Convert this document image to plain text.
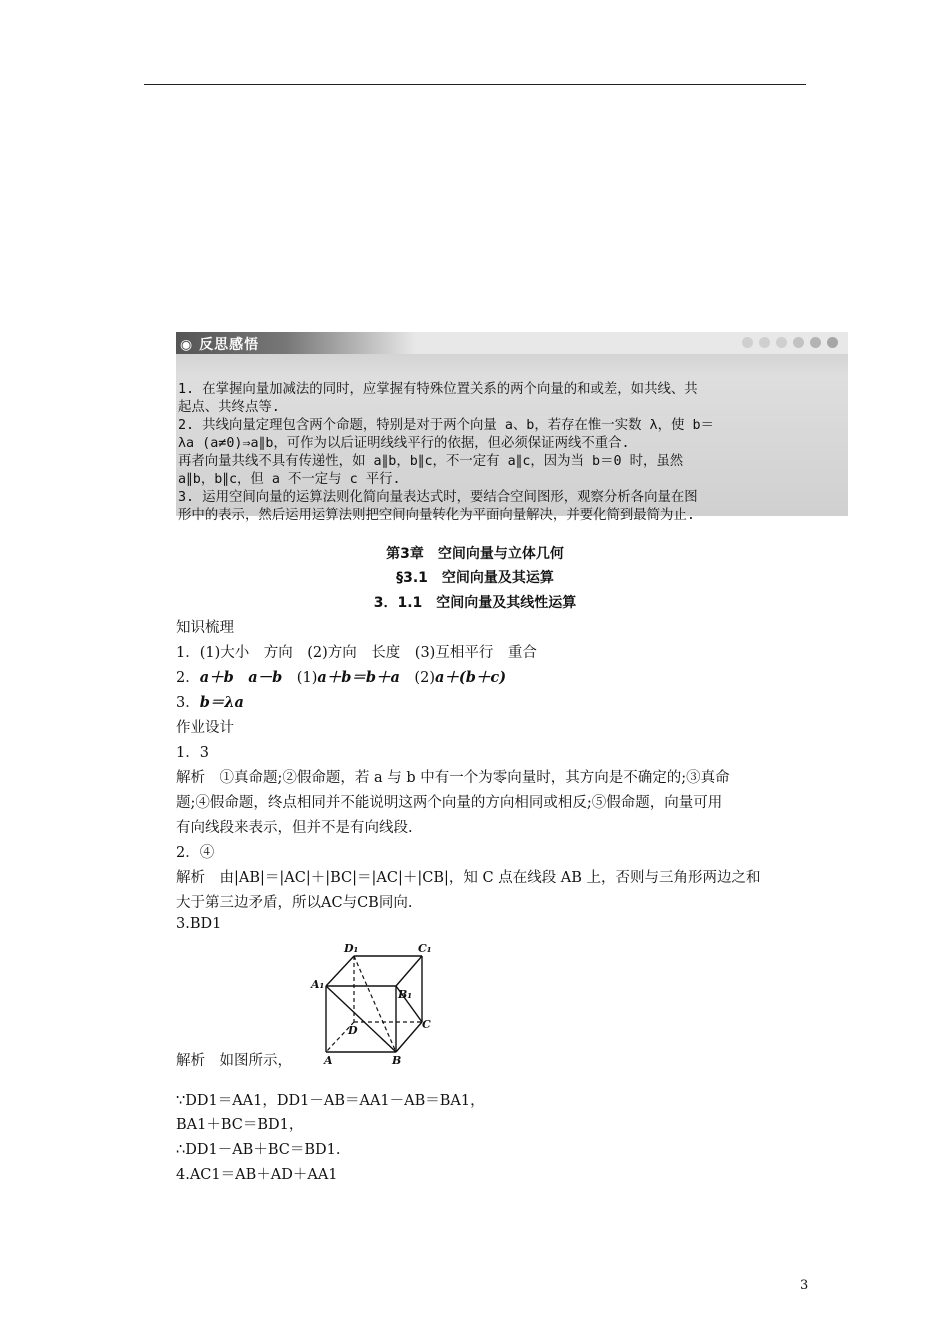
◉ 反思感悟
1. 在掌握向量加减法的同时，应掌握有特殊位置关系的两个向量的和或差，如共线、共
起点、共终点等.
2. 共线向量定理包含两个命题，特别是对于两个向量 a、b，若存在惟一实数 λ，使 b＝
λa (a≠0)⇒a∥b，可作为以后证明线线平行的依据，但必须保证两线不重合.
再者向量共线不具有传递性，如 a∥b，b∥c，不一定有 a∥c，因为当 b＝0 时，虽然
a∥b，b∥c，但 a 不一定与 c 平行.
3. 运用空间向量的运算法则化简向量表达式时，要结合空间图形，观察分析各向量在图
形中的表示，然后运用运算法则把空间向量转化为平面向量解决，并要化简到最简为止.
第3章　空间向量与立体几何
§3.1　空间向量及其运算
3．1.1　空间向量及其线性运算
知识梳理
1．(1)大小　方向　(2)方向　长度　(3)互相平行　重合
2．a＋b　a－b　(1)a＋b＝b＋a　(2)a＋(b＋c)
3．b＝λa
作业设计
1．3
解析　①真命题;②假命题，若 a 与 b 中有一个为零向量时，其方向是不确定的;③真命
题;④假命题，终点相同并不能说明这两个向量的方向相同或相反;⑤假命题，向量可用
有向线段来表示，但并不是有向线段.
2．④
解析　由|AB|＝|AC|＋|BC|＝|AC|＋|CB|，知 C 点在线段 AB 上，否则与三角形两边之和
大于第三边矛盾，所以AC与CB同向.
3.BD1
D₁	C₁
A₁
B₁
D	C
A	B
解析　如图所示，
∵DD1＝AA1，DD1－AB＝AA1－AB＝BA1，
BA1＋BC＝BD1，
∴DD1－AB＋BC＝BD1.
4.AC1＝AB＋AD＋AA1
3
